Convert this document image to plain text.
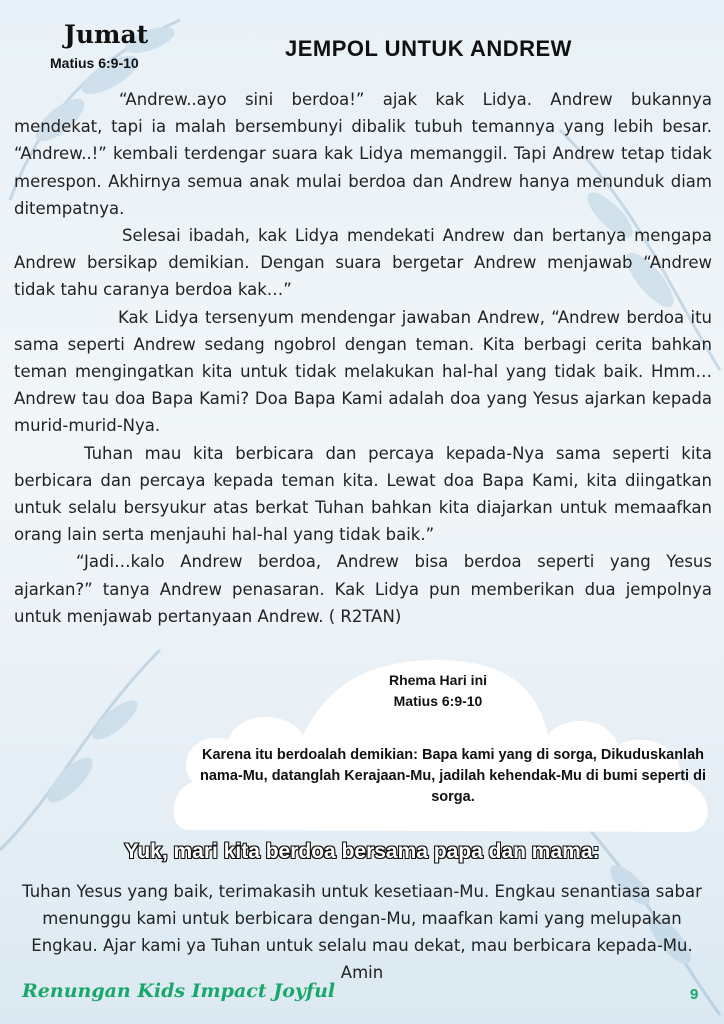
Jumat
Matius 6:9-10
JEMPOL UNTUK ANDREW

“Andrew..ayo sini berdoa!” ajak kak Lidya. Andrew bukannya mendekat, tapi ia malah bersembunyi dibalik tubuh temannya yang lebih besar. “Andrew..!” kembali terdengar suara kak Lidya memanggil. Tapi Andrew tetap tidak merespon. Akhirnya semua anak mulai berdoa dan Andrew hanya menunduk diam ditempatnya.

Selesai ibadah, kak Lidya mendekati Andrew dan bertanya mengapa Andrew bersikap demikian. Dengan suara bergetar Andrew menjawab “Andrew tidak tahu caranya berdoa kak…”

Kak Lidya tersenyum mendengar jawaban Andrew, “Andrew berdoa itu sama seperti Andrew sedang ngobrol dengan teman. Kita berbagi cerita bahkan teman mengingatkan kita untuk tidak melakukan hal-hal yang tidak baik. Hmm…Andrew tau doa Bapa Kami? Doa Bapa Kami adalah doa yang Yesus ajarkan kepada murid-murid-Nya.

Tuhan mau kita berbicara dan percaya kepada-Nya sama seperti kita berbicara dan percaya kepada teman kita. Lewat doa Bapa Kami, kita diingatkan untuk selalu bersyukur atas berkat Tuhan bahkan kita diajarkan untuk memaafkan orang lain serta menjauhi hal-hal yang tidak baik.”

“Jadi…kalo Andrew berdoa, Andrew bisa berdoa seperti yang Yesus ajarkan?” tanya Andrew penasaran. Kak Lidya pun memberikan dua jempolnya untuk menjawab pertanyaan Andrew. ( R2TAN)

Rhema Hari ini
Matius 6:9-10
Karena itu berdoalah demikian: Bapa kami yang di sorga, Dikuduskanlah nama-Mu, datanglah Kerajaan-Mu, jadilah kehendak-Mu di bumi seperti di sorga.
Yuk, mari kita berdoa bersama papa dan mama:
Tuhan Yesus yang baik, terimakasih untuk kesetiaan-Mu. Engkau senantiasa sabar menunggu kami untuk berbicara dengan-Mu, maafkan kami yang melupakan Engkau. Ajar kami ya Tuhan untuk selalu mau dekat, mau berbicara kepada-Mu. Amin
Renungan Kids Impact Joyful	9
